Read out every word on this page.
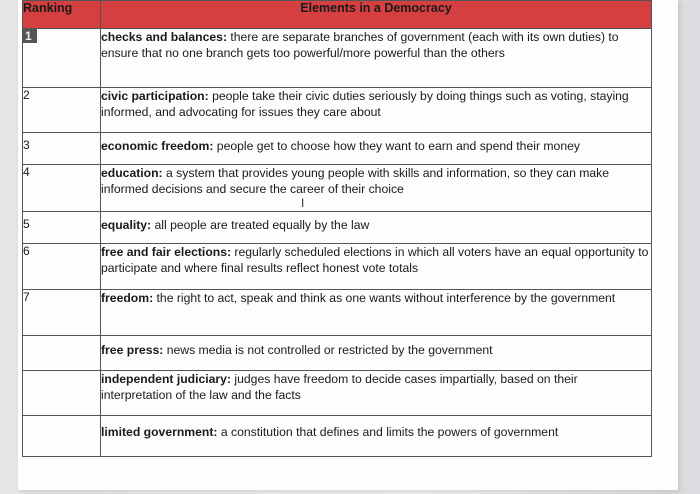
Ranking	Elements in a Democracy
1	checks and balances: there are separate branches of government (each with its own duties) to ensure that no one branch gets too powerful/more powerful than the others
2	civic participation: people take their civic duties seriously by doing things such as voting, staying informed, and advocating for issues they care about
3	economic freedom: people get to choose how they want to earn and spend their money
4	education: a system that provides young people with skills and information, so they can make informed decisions and secure the career of their choice
5	equality: all people are treated equally by the law
6	free and fair elections: regularly scheduled elections in which all voters have an equal opportunity to participate and where final results reflect honest vote totals
7	freedom: the right to act, speak and think as one wants without interference by the government
	free press: news media is not controlled or restricted by the government
	independent judiciary: judges have freedom to decide cases impartially, based on their interpretation of the law and the facts
	limited government: a constitution that defines and limits the powers of government
I
